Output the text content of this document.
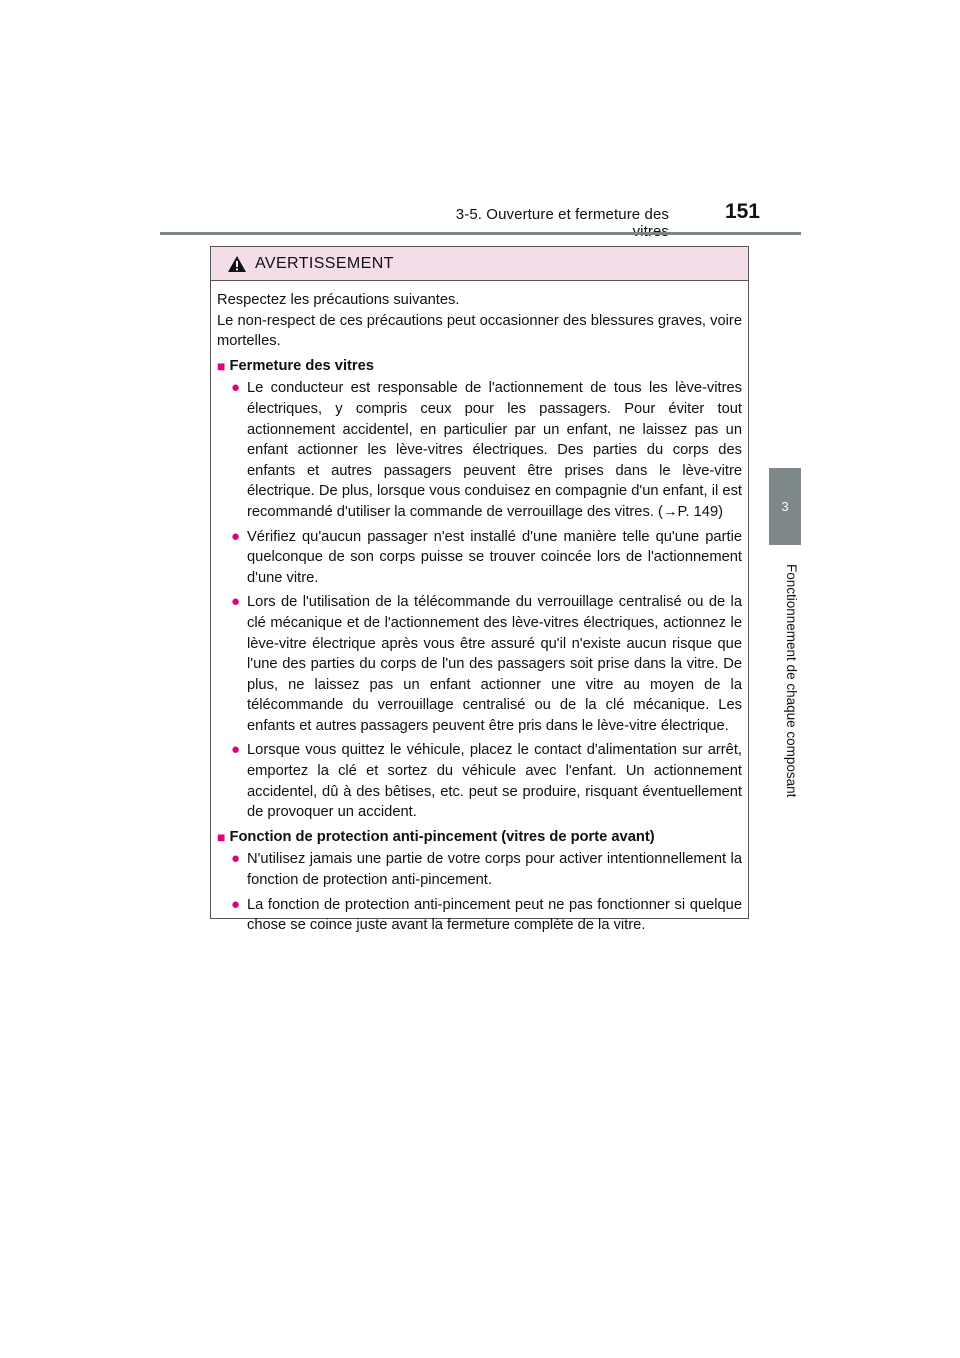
3-5. Ouverture et fermeture des	151
3
Fonctionnement de chaque composant
AVERTISSEMENT

Respectez les précautions suivantes.

Le non-respect de ces précautions peut occasionner des blessures graves, voire mortelles.

■ Fermeture des vitres
● Le conducteur est responsable de l'actionnement de tous les lève-vitres électriques, y compris ceux pour les passagers. Pour éviter tout actionnement accidentel, en particulier par un enfant, ne laissez pas un enfant actionner les lève-vitres électriques. Des parties du corps des enfants et autres passagers peuvent être prises dans le lève-vitre électrique. De plus, lorsque vous conduisez en compagnie d'un enfant, il est recommandé d'utiliser la commande de verrouillage des vitres. (→P. 149)
● Vérifiez qu'aucun passager n'est installé d'une manière telle qu'une partie quelconque de son corps puisse se trouver coincée lors de l'actionnement d'une vitre.
● Lors de l'utilisation de la télécommande du verrouillage centralisé ou de la clé mécanique et de l'actionnement des lève-vitres électriques, actionnez le lève-vitre électrique après vous être assuré qu'il n'existe aucun risque que l'une des parties du corps de l'un des passagers soit prise dans la vitre. De plus, ne laissez pas un enfant actionner une vitre au moyen de la télécommande du verrouillage centralisé ou de la clé mécanique. Les enfants et autres passagers peuvent être pris dans le lève-vitre électrique.
● Lorsque vous quittez le véhicule, placez le contact d'alimentation sur arrêt, emportez la clé et sortez du véhicule avec l'enfant. Un actionnement accidentel, dû à des bêtises, etc. peut se produire, risquant éventuellement de provoquer un accident.
■ Fonction de protection anti-pincement (vitres de porte avant)
● N'utilisez jamais une partie de votre corps pour activer intentionnellement la fonction de protection anti-pincement.
● La fonction de protection anti-pincement peut ne pas fonctionner si quelque chose se coince juste avant la fermeture complète de la vitre.
